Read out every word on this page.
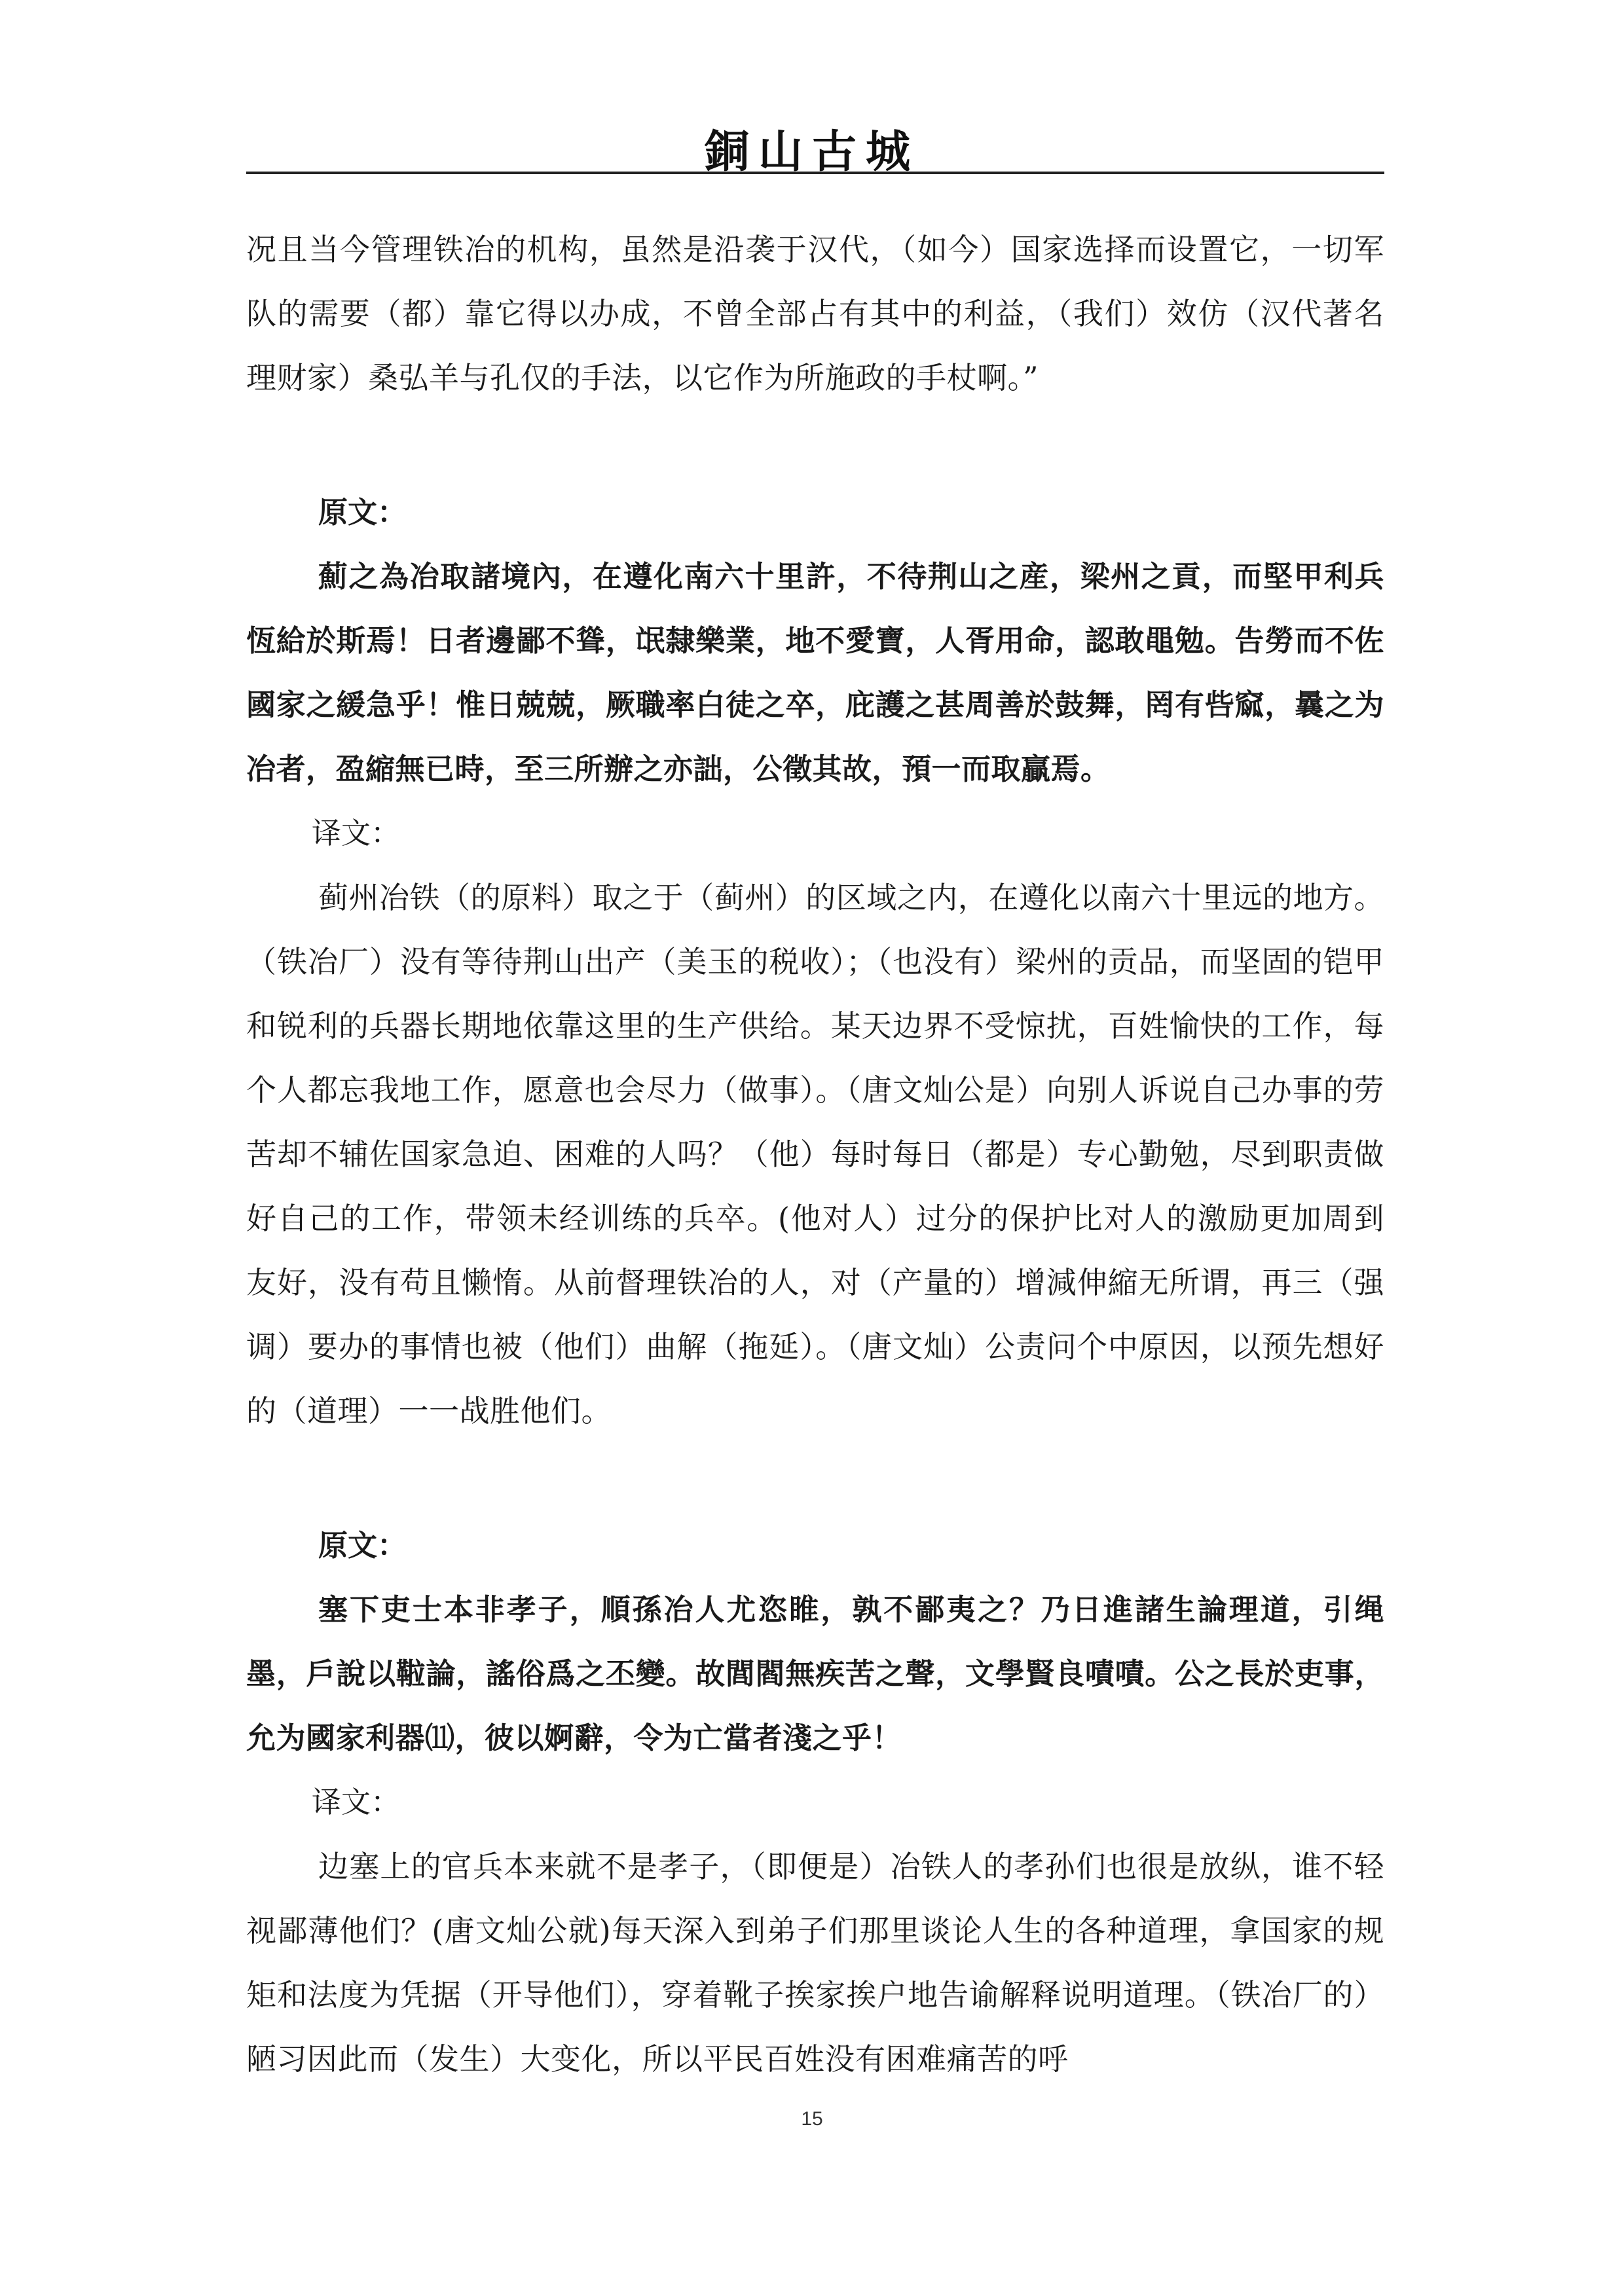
銅山古城

况且当今管理铁冶的机构，虽然是沿袭于汉代，（如今）国家选择而设置它，一切军队的需要（都）靠它得以办成，不曾全部占有其中的利益，（我们）效仿（汉代著名理财家）桑弘羊与孔仅的手法，以它作为所施政的手杖啊。”

原文：

薊之為冶取諸境內，在遵化南六十里許，不待荆山之産，梁州之貢，而堅甲利兵恆給於斯焉！日者邊鄙不聳，氓隸樂業，地不愛寶，人胥用命，認敢黽勉。告勞而不佐國家之緩急乎！惟日兢兢，厥職率白徒之卒，庇護之甚周善於鼓舞，罔有呰窳，曩之为冶者，盈縮無已時，至三所辦之亦詘，公徵其故，預一而取贏焉。

译文：

蓟州冶铁（的原料）取之于（蓟州）的区域之内，在遵化以南六十里远的地方。（铁冶厂）没有等待荆山出产（美玉的税收）；（也没有）梁州的贡品，而坚固的铠甲和锐利的兵器长期地依靠这里的生产供给。某天边界不受惊扰，百姓愉快的工作，每个人都忘我地工作，愿意也会尽力（做事）。（唐文灿公是）向别人诉说自己办事的劳苦却不辅佐国家急迫、困难的人吗？（他）每时每日（都是）专心勤勉，尽到职责做好自己的工作，带领未经训练的兵卒。(他对人）过分的保护比对人的激励更加周到友好，没有苟且懒惰。从前督理铁冶的人，对（产量的）增減伸縮无所谓，再三（强调）要办的事情也被（他们）曲解（拖延）。（唐文灿）公责问个中原因，以预先想好的（道理）一一战胜他们。

原文：

塞下吏士本非孝子，順孫冶人尤恣睢，孰不鄙夷之？乃日進諸生論理道，引绳墨，戶說以鞡論，謠俗爲之丕變。故閭閻無疾苦之聲，文學賢良嘖嘖。公之長於吏事，允为國家利器⑾，彼以婀辭，令为亡當者淺之乎！

译文：

边塞上的官兵本来就不是孝子，（即便是）冶铁人的孝孙们也很是放纵，谁不轻视鄙薄他们？(唐文灿公就)每天深入到弟子们那里谈论人生的各种道理，拿国家的规矩和法度为凭据（开导他们），穿着靴子挨家挨户地告谕解释说明道理。（铁冶厂的）陋习因此而（发生）大变化，所以平民百姓没有困难痛苦的呼

15
